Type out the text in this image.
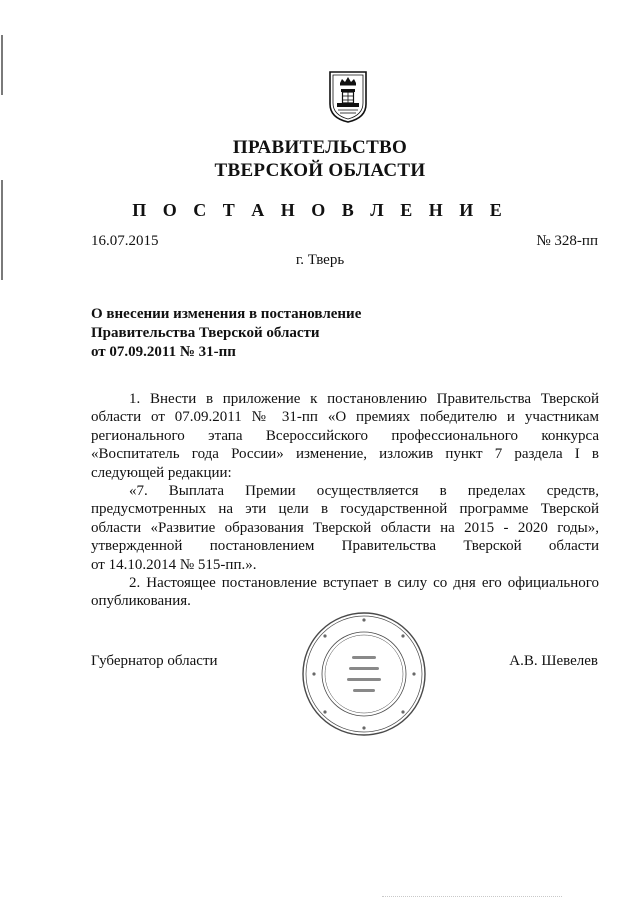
ПРАВИТЕЛЬСТВО
ТВЕРСКОЙ ОБЛАСТИ
П О С Т А Н О В Л Е Н И Е
16.07.2015	№ 328-пп
г. Тверь
О внесении изменения в постановление
Правительства Тверской области
от 07.09.2011 № 31-пп
1. Внести в приложение к постановлению Правительства Тверской
области от 07.09.2011 № 31-пп «О премиях победителю и участникам
регионального этапа Всероссийского профессионального конкурса
«Воспитатель года России» изменение, изложив пункт 7 раздела I в
следующей редакции:
«7. Выплата Премии осуществляется в пределах средств,
предусмотренных на эти цели в государственной программе Тверской
области «Развитие образования Тверской области на 2015 - 2020 годы»,
утвержденной постановлением Правительства Тверской области
от 14.10.2014 № 515-пп.».
2. Настоящее постановление вступает в силу со дня его официального
опубликования.
Губернатор области	А.В. Шевелев
